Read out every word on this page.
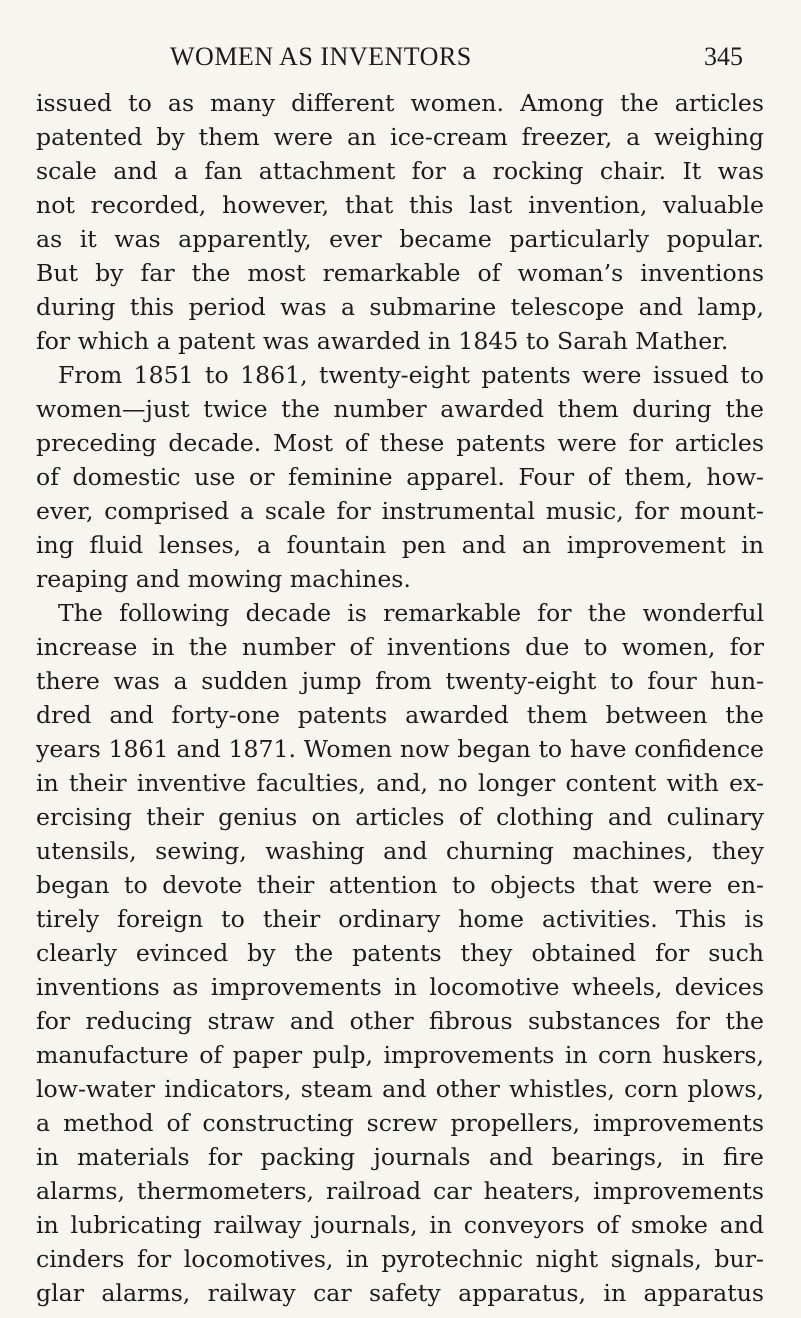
WOMEN AS INVENTORS	345
issued to as many different women. Among the articles
patented by them were an ice-cream freezer, a weighing
scale and a fan attachment for a rocking chair. It was
not recorded, however, that this last invention, valuable
as it was apparently, ever became particularly popular.
But by far the most remarkable of woman’s inventions
during this period was a submarine telescope and lamp,
for which a patent was awarded in 1845 to Sarah Mather.
From 1851 to 1861, twenty-eight patents were issued to
women—just twice the number awarded them during the
preceding decade. Most of these patents were for articles
of domestic use or feminine apparel. Four of them, how-
ever, comprised a scale for instrumental music, for mount-
ing fluid lenses, a fountain pen and an improvement in
reaping and mowing machines.
The following decade is remarkable for the wonderful
increase in the number of inventions due to women, for
there was a sudden jump from twenty-eight to four hun-
dred and forty-one patents awarded them between the
years 1861 and 1871. Women now began to have confidence
in their inventive faculties, and, no longer content with ex-
ercising their genius on articles of clothing and culinary
utensils, sewing, washing and churning machines, they
began to devote their attention to objects that were en-
tirely foreign to their ordinary home activities. This is
clearly evinced by the patents they obtained for such
inventions as improvements in locomotive wheels, devices
for reducing straw and other fibrous substances for the
manufacture of paper pulp, improvements in corn huskers,
low-water indicators, steam and other whistles, corn plows,
a method of constructing screw propellers, improvements
in materials for packing journals and bearings, in fire
alarms, thermometers, railroad car heaters, improvements
in lubricating railway journals, in conveyors of smoke and
cinders for locomotives, in pyrotechnic night signals, bur-
glar alarms, railway car safety apparatus, in apparatus
